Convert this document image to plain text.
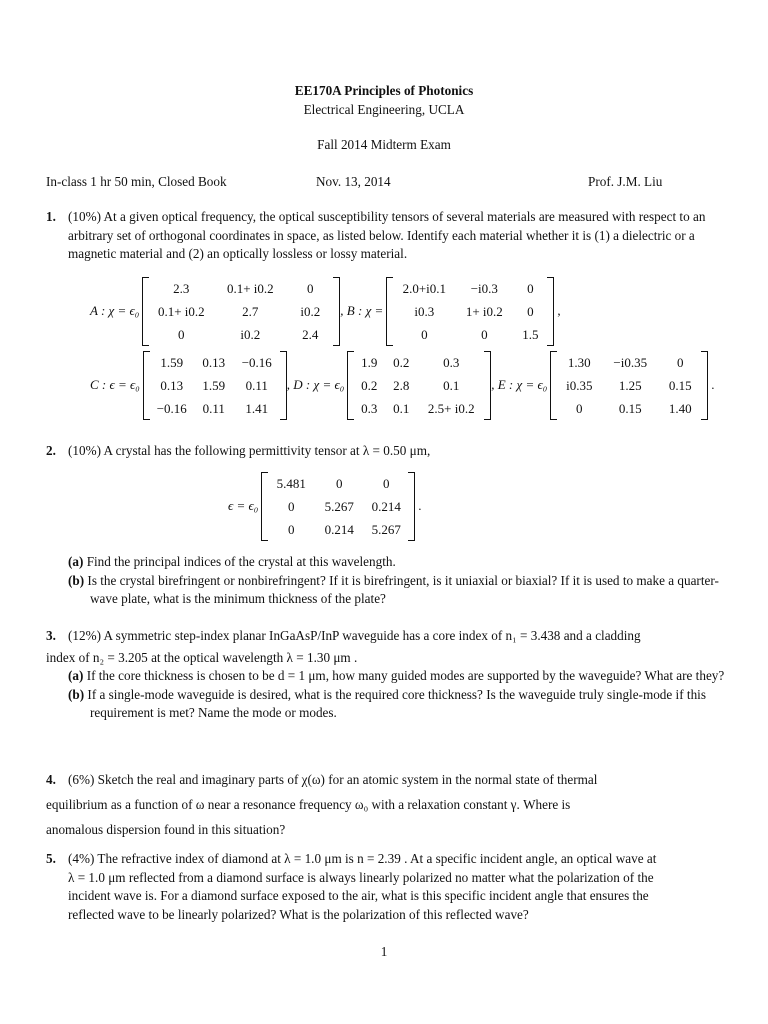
EE170A Principles of Photonics
Electrical Engineering, UCLA
Fall 2014 Midterm Exam
In-class 1 hr 50 min, Closed Book	Nov. 13, 2014	Prof. J.M. Liu
1. (10%) At a given optical frequency, the optical susceptibility tensors of several materials are measured with respect to an arbitrary set of orthogonal coordinates in space, as listed below. Identify each material whether it is (1) a dielectric or a magnetic material and (2) an optically lossless or lossy material.
A : χ = ϵ₀
2.3	0.1+ i0.2	0
0.1+ i0.2	2.7	i0.2
0	i0.2	2.4
, B : χ =
2.0+i0.1	−i0.3	0
i0.3	1+ i0.2	0
0	0	1.5
,
C : ϵ = ϵ₀
1.59	0.13	−0.16
0.13	1.59	0.11
−0.16	0.11	1.41
, D : χ = ϵ₀
1.9	0.2	0.3
0.2	2.8	0.1
0.3	0.1	2.5+ i0.2
, E : χ = ϵ₀
1.30	−i0.35	0
i0.35	1.25	0.15
0	0.15	1.40
.
2. (10%) A crystal has the following permittivity tensor at λ = 0.50 μm,
ϵ = ϵ₀
5.481	0	0
0	5.267	0.214
0	0.214	5.267
.
(a) Find the principal indices of the crystal at this wavelength.
(b) Is the crystal birefringent or nonbirefringent? If it is birefringent, is it uniaxial or biaxial? If it is used to make a quarter-wave plate, what is the minimum thickness of the plate?
3. (12%) A symmetric step-index planar InGaAsP/InP waveguide has a core index of n₁ = 3.438 and a cladding
index of n₂ = 3.205 at the optical wavelength λ = 1.30 μm .
(a) If the core thickness is chosen to be d = 1 μm, how many guided modes are supported by the waveguide? What are they?
(b) If a single-mode waveguide is desired, what is the required core thickness? Is the waveguide truly single-mode if this requirement is met? Name the mode or modes.
4. (6%) Sketch the real and imaginary parts of χ(ω) for an atomic system in the normal state of thermal
equilibrium as a function of ω near a resonance frequency ω₀ with a relaxation constant γ. Where is
anomalous dispersion found in this situation?
5. (4%) The refractive index of diamond at λ = 1.0 μm is n = 2.39 . At a specific incident angle, an optical wave at
λ = 1.0 μm reflected from a diamond surface is always linearly polarized no matter what the polarization of the
incident wave is. For a diamond surface exposed to the air, what is this specific incident angle that ensures the
reflected wave to be linearly polarized? What is the polarization of this reflected wave?
1
